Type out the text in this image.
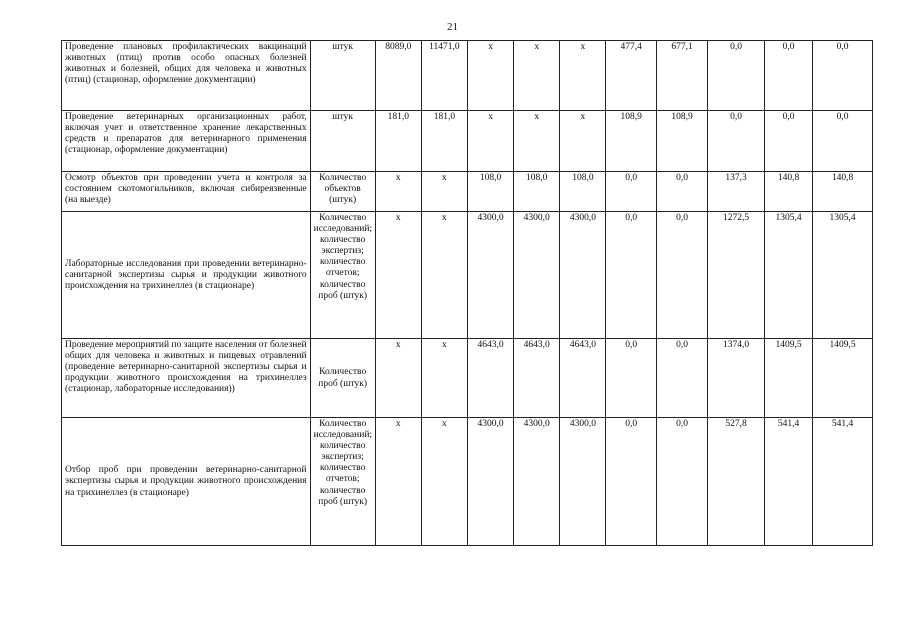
21
Проведение плановых профилактических вакцинаций животных (птиц) против особо опасных болезней животных и болезней, общих для человека и животных (птиц) (стационар, оформление документации)	штук	8089,0	11471,0	х	х	х	477,4	677,1	0,0	0,0	0,0
Проведение ветеринарных организационных работ, включая учет и ответственное хранение лекарственных средств и препаратов для ветеринарного применения (стационар, оформление документации)	штук	181,0	181,0	х	х	х	108,9	108,9	0,0	0,0	0,0
Осмотр объектов при проведении учета и контроля за состоянием скотомогильников, включая сибиреязвенные (на выезде)	Количество объектов (штук)	х	х	108,0	108,0	108,0	0,0	0,0	137,3	140,8	140,8
Лабораторные исследования при проведении ветеринарно-санитарной экспертизы сырья и продукции животного происхождения на трихинеллез (в стационаре)	Количество исследований; количество экспертиз; количество отчетов; количество проб (штук)	х	х	4300,0	4300,0	4300,0	0,0	0,0	1272,5	1305,4	1305,4
Проведение мероприятий по защите населения от болезней общих для человека и животных и пищевых отравлений (проведение ветеринарно-санитарной экспертизы сырья и продукции животного происхождения на трихинеллез (стационар, лабораторные исследования))	Количество проб (штук)	х	х	4643,0	4643,0	4643,0	0,0	0,0	1374,0	1409,5	1409,5
Отбор проб при проведении ветеринарно-санитарной экспертизы сырья и продукции животного происхождения на трихинеллез (в стационаре)	Количество исследований; количество экспертиз; количество отчетов; количество проб (штук)	х	х	4300,0	4300,0	4300,0	0,0	0,0	527,8	541,4	541,4
